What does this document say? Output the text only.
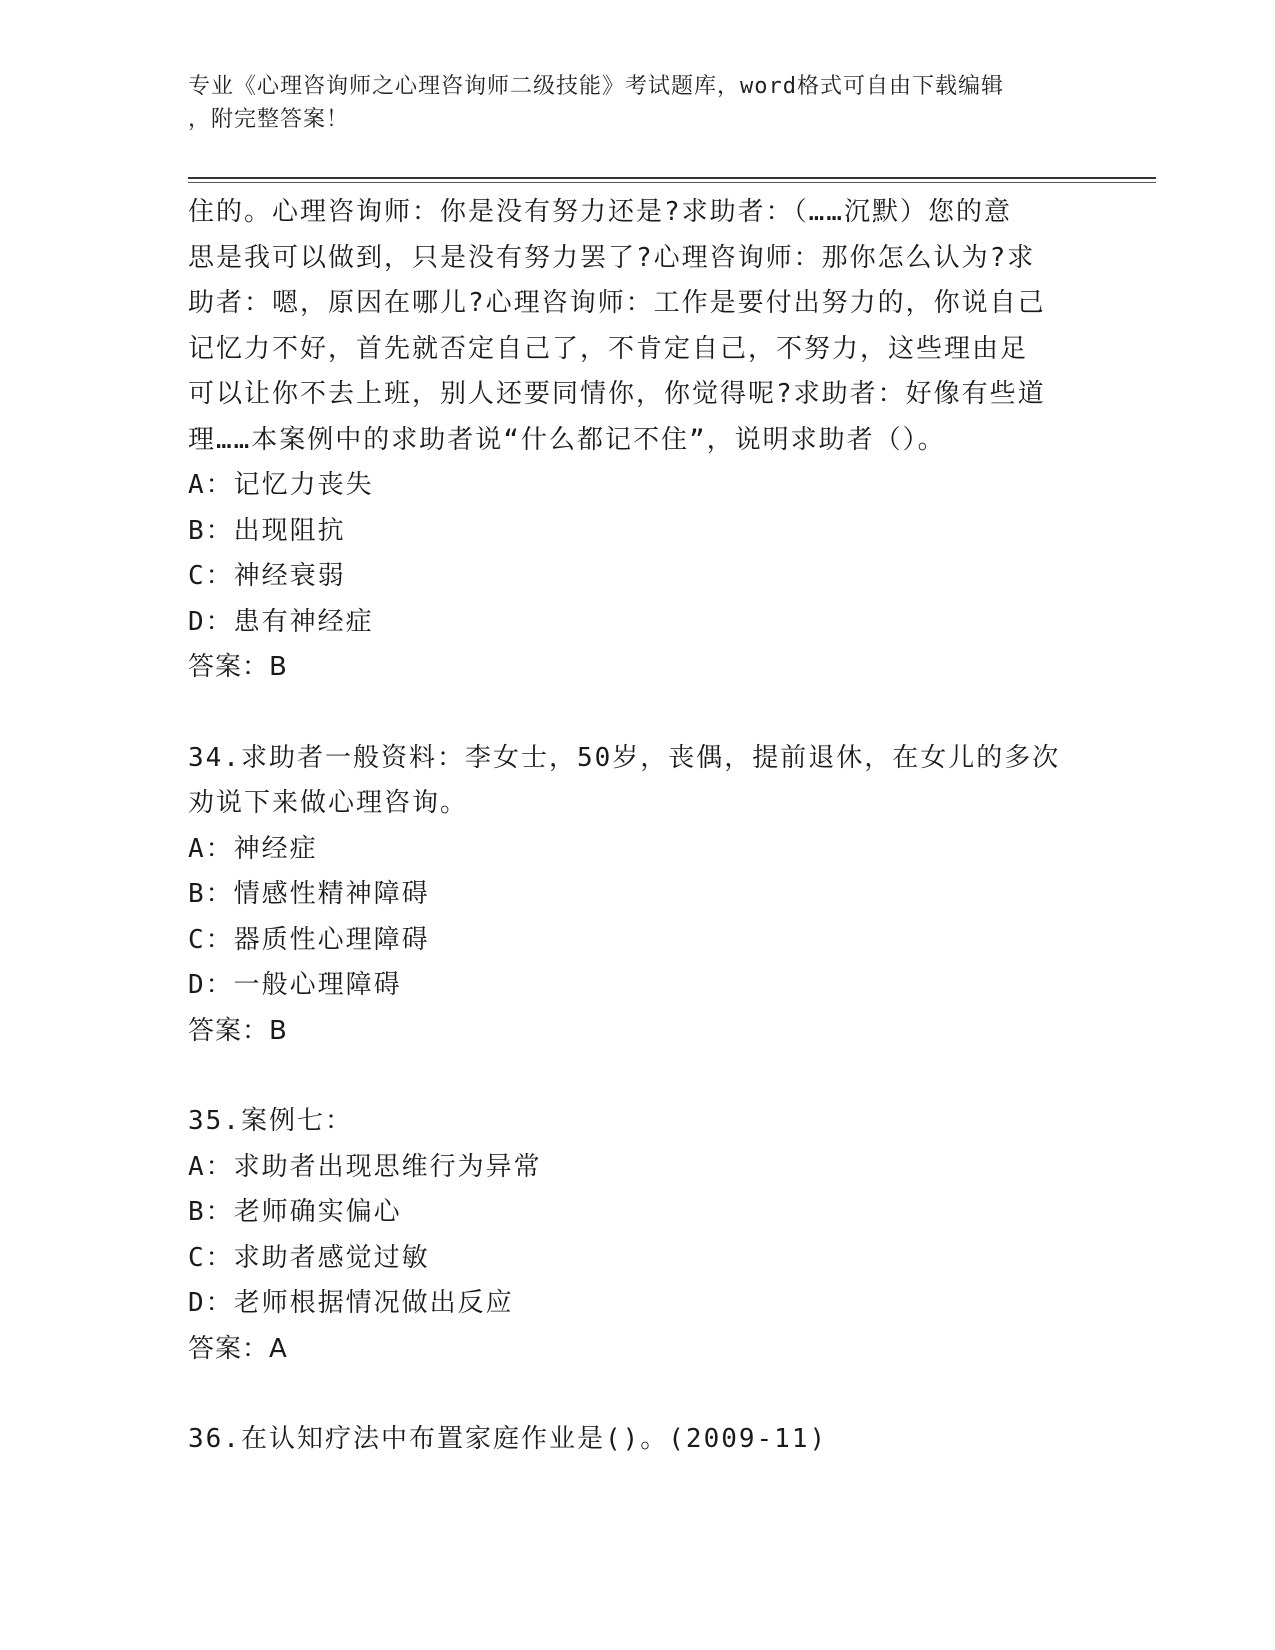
专业《心理咨询师之心理咨询师二级技能》考试题库，word格式可自由下载编辑
，附完整答案！

住的。心理咨询师：你是没有努力还是?求助者：（……沉默）您的意

思是我可以做到，只是没有努力罢了?心理咨询师：那你怎么认为?求

助者：嗯，原因在哪儿?心理咨询师：工作是要付出努力的，你说自己

记忆力不好，首先就否定自己了，不肯定自己，不努力，这些理由足

可以让你不去上班，别人还要同情你，你觉得呢?求助者：好像有些道

理……本案例中的求助者说“什么都记不住”，说明求助者（）。

A：记忆力丧失

B：出现阻抗

C：神经衰弱

D：患有神经症

答案：B

34.求助者一般资料：李女士，50岁，丧偶，提前退休，在女儿的多次

劝说下来做心理咨询。

A：神经症

B：情感性精神障碍

C：器质性心理障碍

D：一般心理障碍

答案：B

35.案例七：

A：求助者出现思维行为异常

B：老师确实偏心

C：求助者感觉过敏

D：老师根据情况做出反应

答案：A

36.在认知疗法中布置家庭作业是()。(2009-11)
